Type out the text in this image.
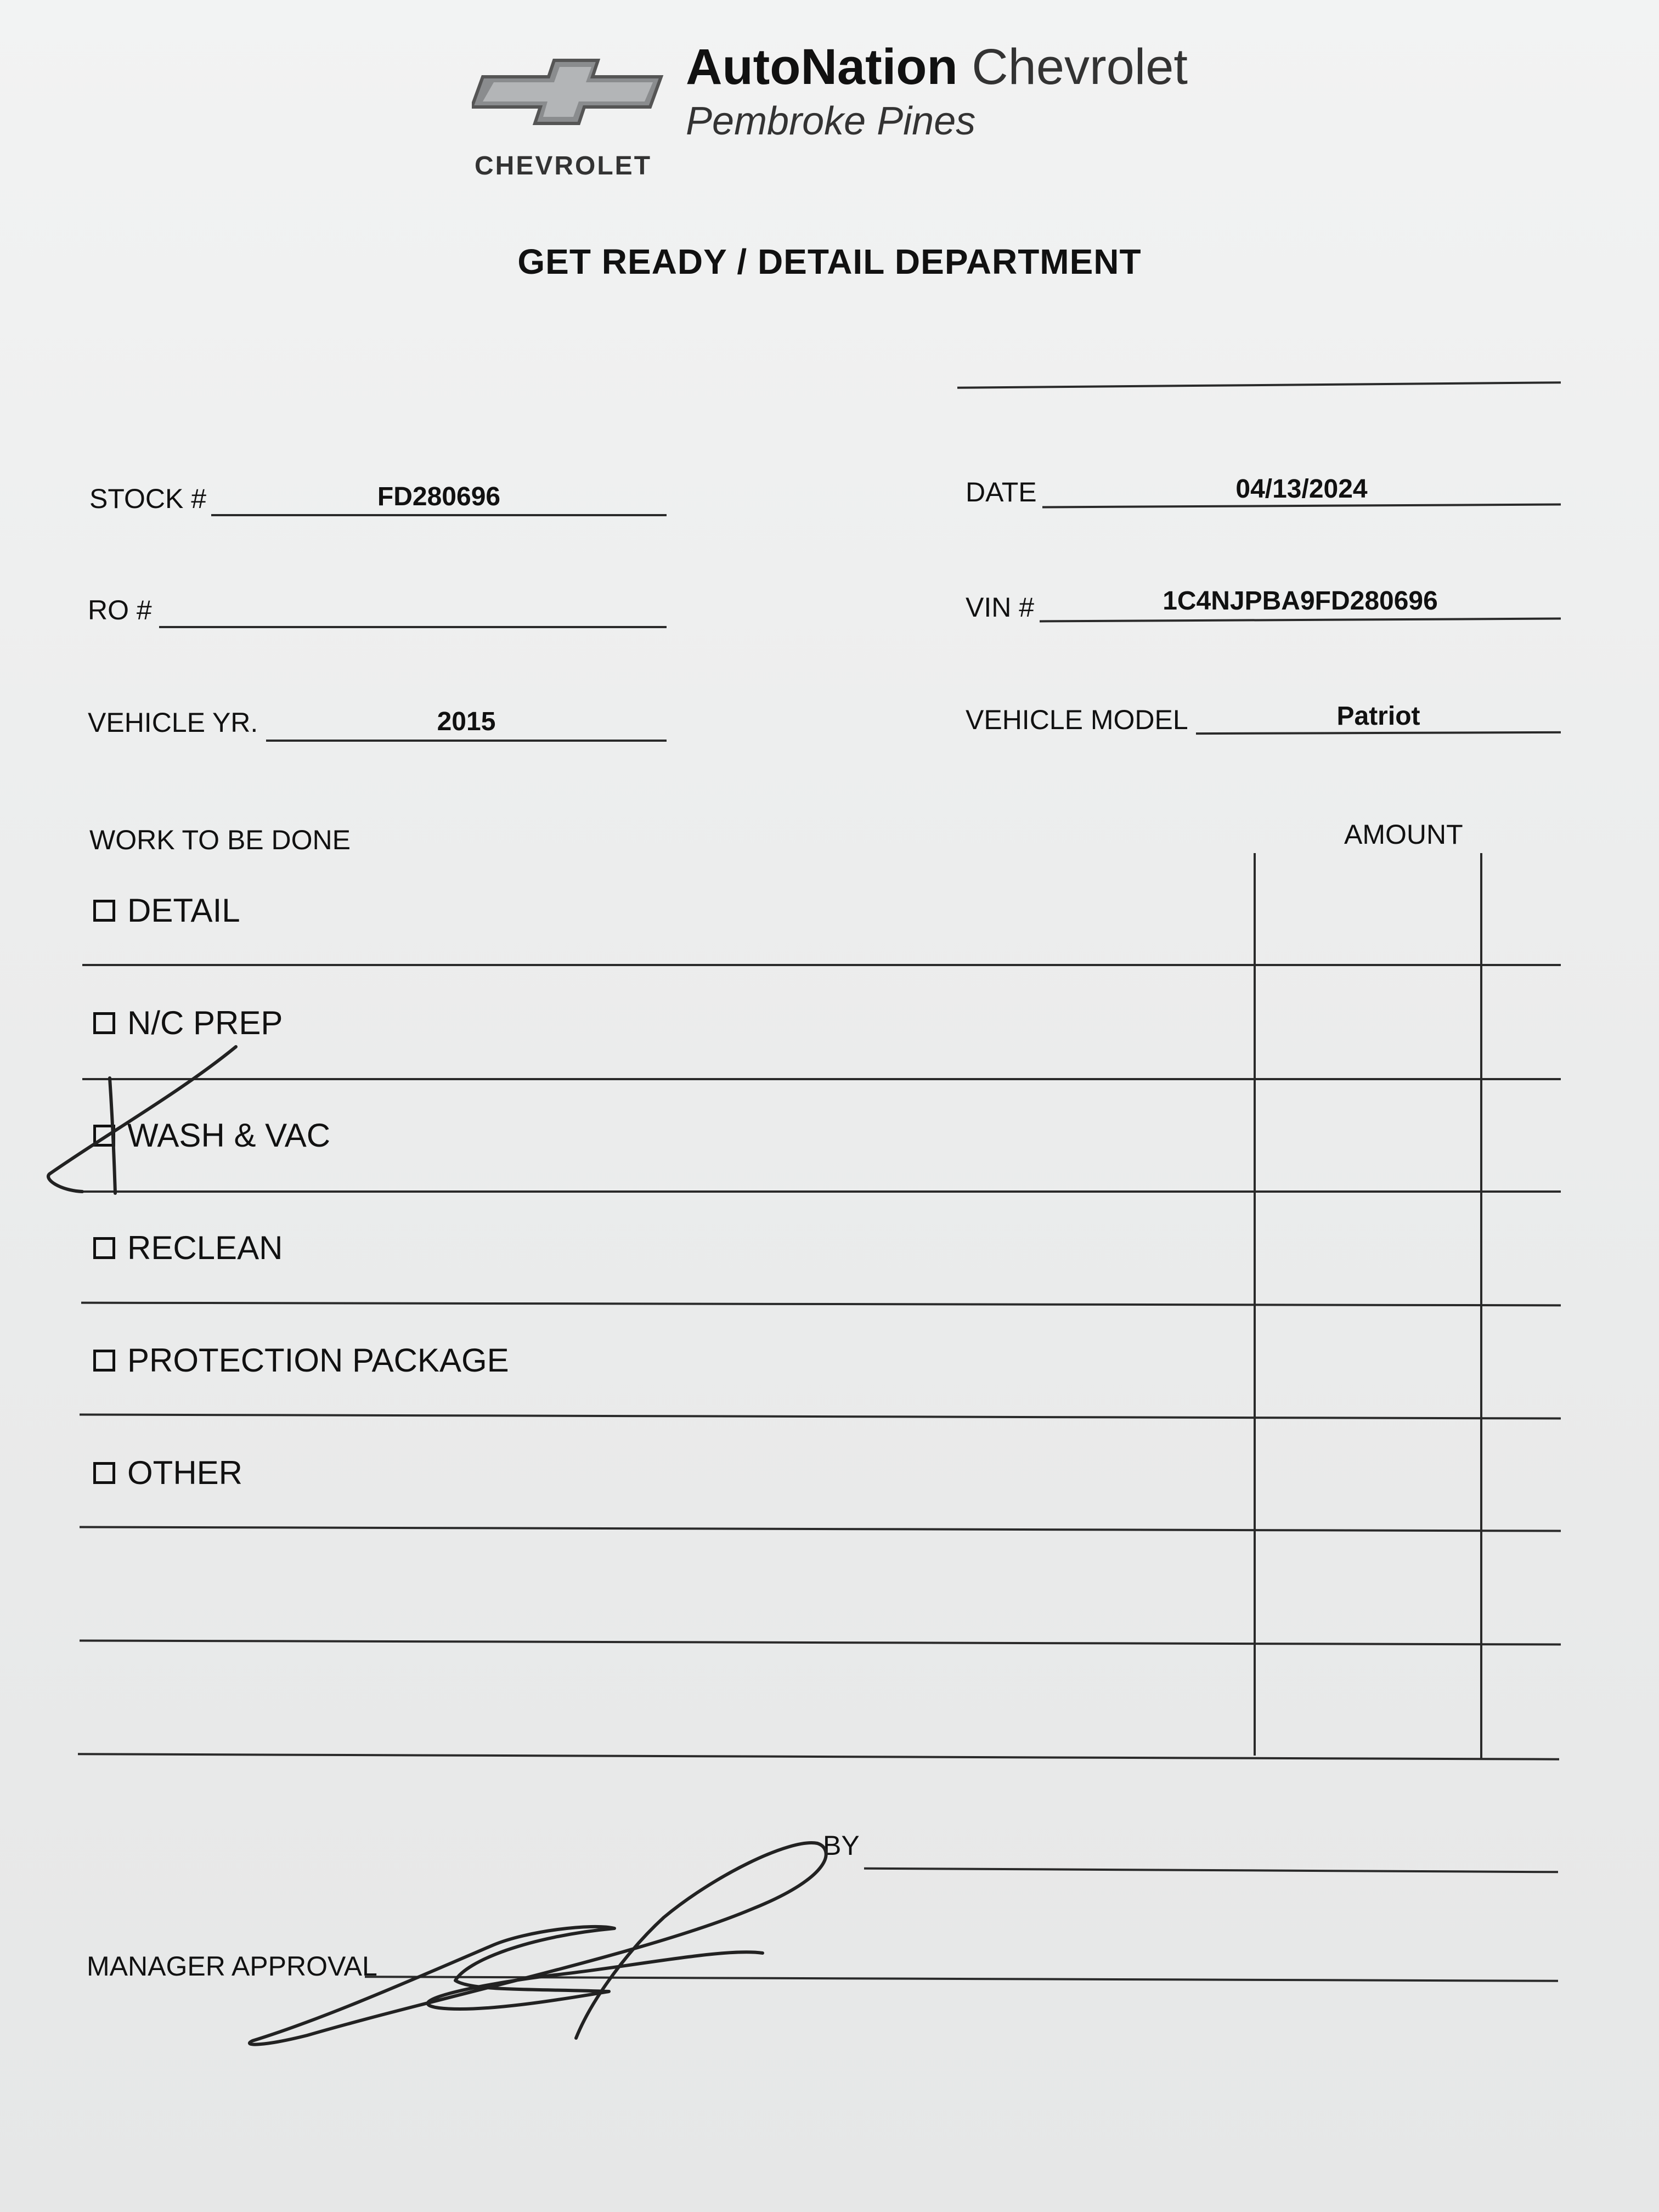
CHEVROLET
AutoNation Chevrolet
Pembroke Pines
GET READY / DETAIL DEPARTMENT
STOCK #	FD280696	DATE	04/13/2024
RO #	VIN #	1C4NJPBA9FD280696
VEHICLE YR.	2015	VEHICLE MODEL	Patriot
WORK TO BE DONE	AMOUNT
DETAIL
N/C PREP
WASH & VAC
RECLEAN
PROTECTION PACKAGE
OTHER
BY
MANAGER APPROVAL
